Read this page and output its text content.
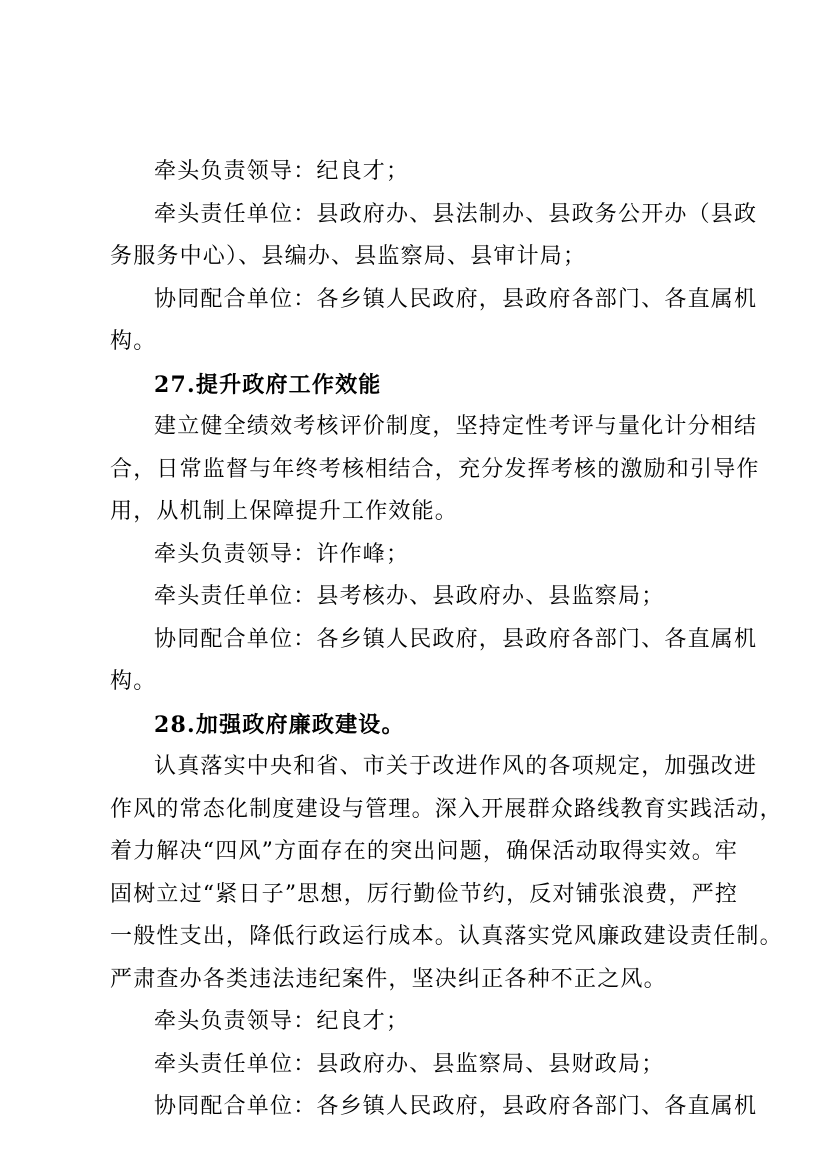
牵头负责领导：纪良才；
牵头责任单位：县政府办、县法制办、县政务公开办（县政
务服务中心）、县编办、县监察局、县审计局；
协同配合单位：各乡镇人民政府，县政府各部门、各直属机
构。
27.提升政府工作效能
建立健全绩效考核评价制度，坚持定性考评与量化计分相结
合，日常监督与年终考核相结合，充分发挥考核的激励和引导作
用，从机制上保障提升工作效能。
牵头负责领导：许作峰；
牵头责任单位：县考核办、县政府办、县监察局；
协同配合单位：各乡镇人民政府，县政府各部门、各直属机
构。
28.加强政府廉政建设。
认真落实中央和省、市关于改进作风的各项规定，加强改进
作风的常态化制度建设与管理。深入开展群众路线教育实践活动，
着力解决“四风”方面存在的突出问题，确保活动取得实效。牢
固树立过“紧日子”思想，厉行勤俭节约，反对铺张浪费，严控
一般性支出，降低行政运行成本。认真落实党风廉政建设责任制。
严肃查办各类违法违纪案件，坚决纠正各种不正之风。
牵头负责领导：纪良才；
牵头责任单位：县政府办、县监察局、县财政局；
协同配合单位：各乡镇人民政府，县政府各部门、各直属机
